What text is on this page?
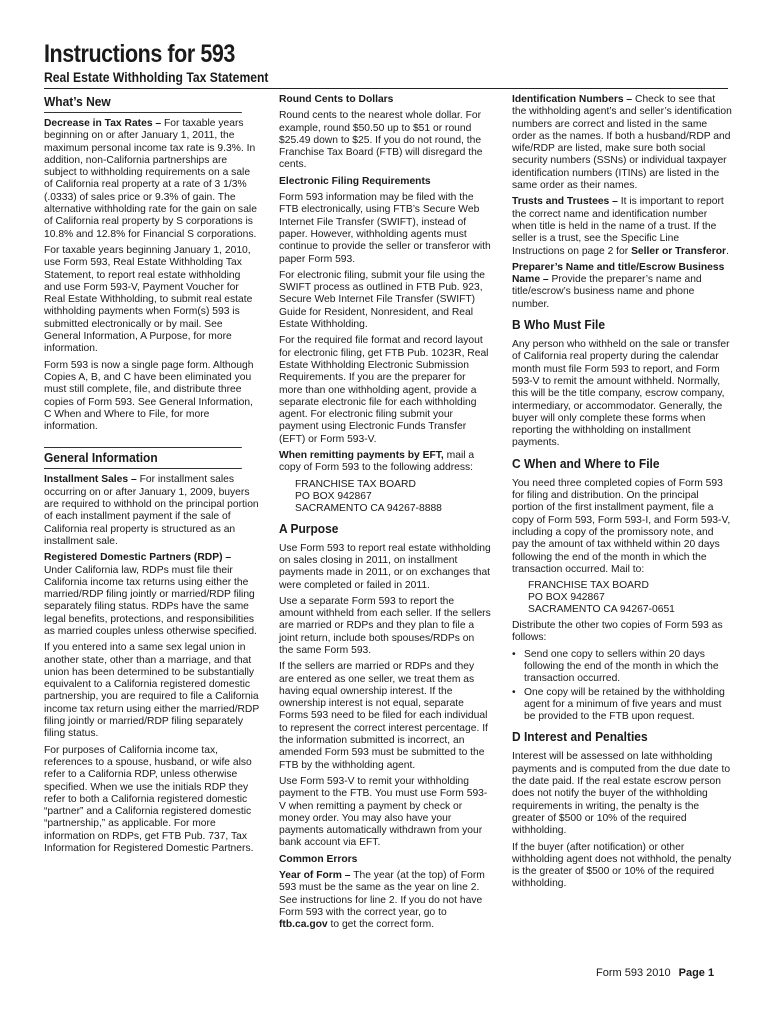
Instructions for 593
Real Estate Withholding Tax Statement
What’s New

Decrease in Tax Rates – For taxable years beginning on or after January 1, 2011, the maximum personal income tax rate is 9.3%. In addition, non-California partnerships are subject to withholding requirements on a sale of California real property at a rate of 3 1/3% (.0333) of sales price or 9.3% of gain. The alternative withholding rate for the gain on sale of California real property by S corporations is 10.8% and 12.8% for Financial S corporations.

For taxable years beginning January 1, 2010, use Form 593, Real Estate Withholding Tax Statement, to report real estate withholding and use Form 593-V, Payment Voucher for Real Estate Withholding, to submit real estate withholding payments when Form(s) 593 is submitted electronically or by mail. See General Information, A Purpose, for more information.

Form 593 is now a single page form. Although Copies A, B, and C have been eliminated you must still complete, file, and distribute three copies of Form 593. See General Information, C When and Where to File, for more information.

General Information

Installment Sales – For installment sales occurring on or after January 1, 2009, buyers are required to withhold on the principal portion of each installment payment if the sale of California real property is structured as an installment sale.

Registered Domestic Partners (RDP) – Under California law, RDPs must file their California income tax returns using either the married/RDP filing jointly or married/RDP filing separately filing status. RDPs have the same legal benefits, protections, and responsibilities as married couples unless otherwise specified.

If you entered into a same sex legal union in another state, other than a marriage, and that union has been determined to be substantially equivalent to a California registered domestic partnership, you are required to file a California income tax return using either the married/RDP filing jointly or married/RDP filing separately filing status.

For purposes of California income tax, references to a spouse, husband, or wife also refer to a California RDP, unless otherwise specified. When we use the initials RDP they refer to both a California registered domestic “partner” and a California registered domestic “partnership,” as applicable. For more information on RDPs, get FTB Pub. 737, Tax Information for Registered Domestic Partners.

Round Cents to Dollars

Round cents to the nearest whole dollar. For example, round $50.50 up to $51 or round $25.49 down to $25. If you do not round, the Franchise Tax Board (FTB) will disregard the cents.

Electronic Filing Requirements

Form 593 information may be filed with the FTB electronically, using FTB’s Secure Web Internet File Transfer (SWIFT), instead of paper. However, withholding agents must continue to provide the seller or transferor with paper Form 593.

For electronic filing, submit your file using the SWIFT process as outlined in FTB Pub. 923, Secure Web Internet File Transfer (SWIFT) Guide for Resident, Nonresident, and Real Estate Withholding.

For the required file format and record layout for electronic filing, get FTB Pub. 1023R, Real Estate Withholding Electronic Submission Requirements. If you are the preparer for more than one withholding agent, provide a separate electronic file for each withholding agent. For electronic filing submit your payment using Electronic Funds Transfer (EFT) or Form 593-V.

When remitting payments by EFT, mail a copy of Form 593 to the following address:

FRANCHISE TAX BOARD
PO BOX 942867
SACRAMENTO CA 94267-8888
A Purpose

Use Form 593 to report real estate withholding on sales closing in 2011, on installment payments made in 2011, or on exchanges that were completed or failed in 2011.

Use a separate Form 593 to report the amount withheld from each seller. If the sellers are married or RDPs and they plan to file a joint return, include both spouses/RDPs on the same Form 593.

If the sellers are married or RDPs and they are entered as one seller, we treat them as having equal ownership interest. If the ownership interest is not equal, separate Forms 593 need to be filed for each individual to represent the correct interest percentage. If the information submitted is incorrect, an amended Form 593 must be submitted to the FTB by the withholding agent.

Use Form 593-V to remit your withholding payment to the FTB. You must use Form 593-V when remitting a payment by check or money order. You may also have your payments automatically withdrawn from your bank account via EFT.

Common Errors

Year of Form – The year (at the top) of Form 593 must be the same as the year on line 2. See instructions for line 2. If you do not have Form 593 with the correct year, go to ftb.ca.gov to get the correct form.

Identification Numbers – Check to see that the withholding agent’s and seller’s identification numbers are correct and listed in the same order as the names. If both a husband/RDP and wife/RDP are listed, make sure both social security numbers (SSNs) or individual taxpayer identification numbers (ITINs) are listed in the same order as their names.

Trusts and Trustees – It is important to report the correct name and identification number when title is held in the name of a trust. If the seller is a trust, see the Specific Line Instructions on page 2 for Seller or Transferor.

Preparer’s Name and title/Escrow Business Name – Provide the preparer’s name and title/escrow’s business name and phone number.

B Who Must File

Any person who withheld on the sale or transfer of California real property during the calendar month must file Form 593 to report, and Form 593-V to remit the amount withheld. Normally, this will be the title company, escrow company, intermediary, or accommodator. Generally, the buyer will only complete these forms when reporting the withholding on installment payments.

C When and Where to File

You need three completed copies of Form 593 for filing and distribution. On the principal portion of the first installment payment, file a copy of Form 593, Form 593-I, and Form 593-V, including a copy of the promissory note, and pay the amount of tax withheld within 20 days following the end of the month in which the transaction occurred. Mail to:

FRANCHISE TAX BOARD
PO BOX 942867
SACRAMENTO CA 94267-0651

Distribute the other two copies of Form 593 as follows:

• Send one copy to sellers within 20 days following the end of the month in which the transaction occurred.
• One copy will be retained by the withholding agent for a minimum of five years and must be provided to the FTB upon request.
D Interest and Penalties

Interest will be assessed on late withholding payments and is computed from the due date to the date paid. If the real estate escrow person does not notify the buyer of the withholding requirements in writing, the penalty is the greater of $500 or 10% of the required withholding.

If the buyer (after notification) or other withholding agent does not withhold, the penalty is the greater of $500 or 10% of the required withholding.

Form 593 2010 Page 1
